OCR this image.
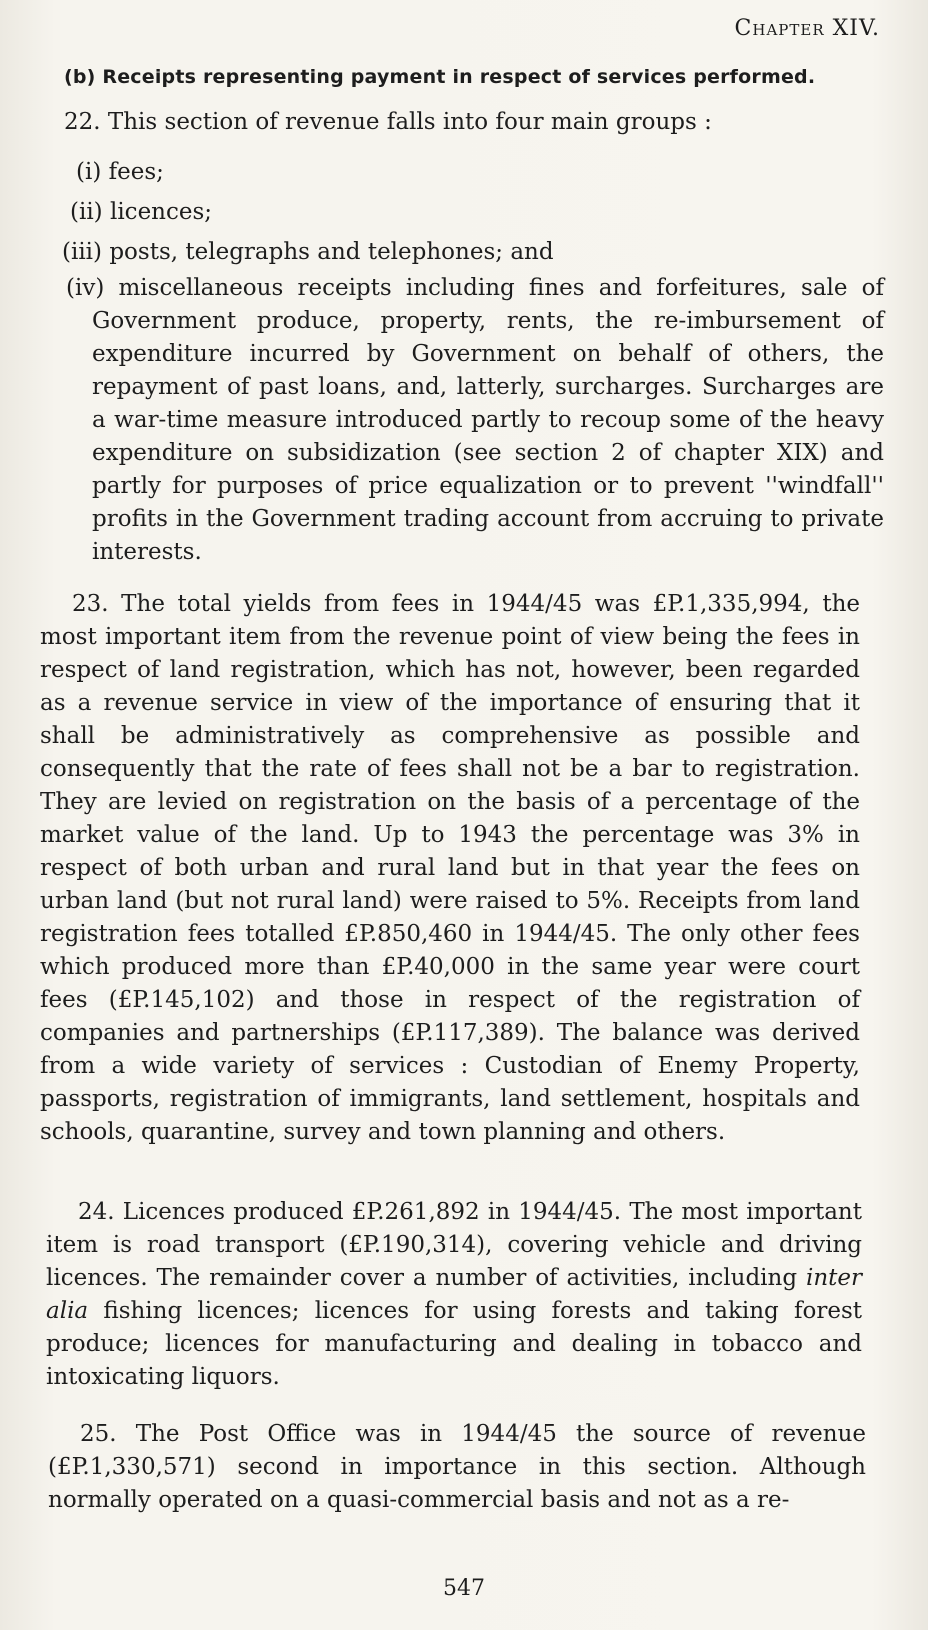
Chapter XIV.
(b) Receipts representing payment in respect of services performed.

22. This section of revenue falls into four main groups :

(i) fees;

(ii) licences;

(iii) posts, telegraphs and telephones; and

(iv) miscellaneous receipts including fines and forfeitures, sale of Government produce, property, rents, the re-imbursement of expenditure incurred by Government on behalf of others, the repayment of past loans, and, latterly, surcharges. Surcharges are a war-time measure introduced partly to recoup some of the heavy expenditure on subsidization (see section 2 of chapter XIX) and partly for purposes of price equalization or to prevent ''windfall'' profits in the Government trading account from accruing to private interests.

23. The total yields from fees in 1944/45 was £P.1,335,994, the most important item from the revenue point of view being the fees in respect of land registration, which has not, however, been regarded as a revenue service in view of the importance of ensuring that it shall be administratively as comprehensive as possible and consequently that the rate of fees shall not be a bar to registration. They are levied on registration on the basis of a percentage of the market value of the land. Up to 1943 the percentage was 3% in respect of both urban and rural land but in that year the fees on urban land (but not rural land) were raised to 5%. Receipts from land registration fees totalled £P.850,460 in 1944/45. The only other fees which produced more than £P.40,000 in the same year were court fees (£P.145,102) and those in respect of the registration of companies and partnerships (£P.117,389). The balance was derived from a wide variety of services : Custodian of Enemy Property, passports, registration of immigrants, land settlement, hospitals and schools, quarantine, survey and town planning and others.

24. Licences produced £P.261,892 in 1944/45. The most important item is road transport (£P.190,314), covering vehicle and driving licences. The remainder cover a number of activities, including inter alia fishing licences; licences for using forests and taking forest produce; licences for manufacturing and dealing in tobacco and intoxicating liquors.

25. The Post Office was in 1944/45 the source of revenue (£P.1,330,571) second in importance in this section. Although normally operated on a quasi-commercial basis and not as a re-

547
